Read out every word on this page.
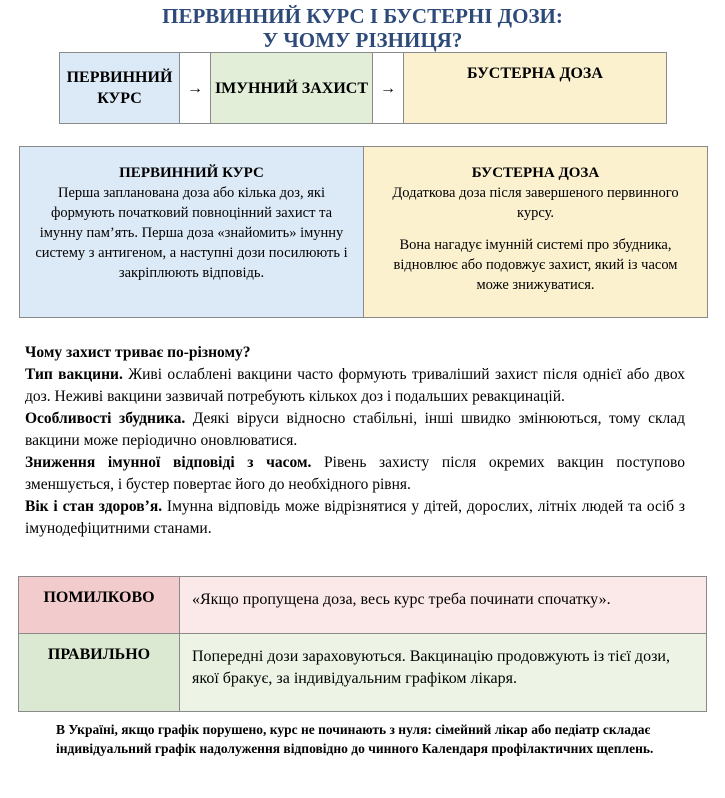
ПЕРВИННИЙ КУРС І БУСТЕРНІ ДОЗИ:
У ЧОМУ РІЗНИЦЯ?
ПЕРВИННИЙ КУРС
→ ІМУННИЙ ЗАХИСТ →
БУСТЕРНА ДОЗА
ПЕРВИННИЙ КУРС

Перша запланована доза або кілька доз, які формують початковий повноцінний захист та імунну пам’ять. Перша доза «знайомить» імунну систему з антигеном, а наступні дози посилюють і закріплюють відповідь.

БУСТЕРНА ДОЗА

Додаткова доза після завершеного первинного курсу.

Вона нагадує імунній системі про збудника, відновлює або подовжує захист, який із часом може знижуватися.

Чому захист триває по-різному?

Тип вакцини. Живі ослаблені вакцини часто формують триваліший захист після однієї або двох доз. Неживі вакцини зазвичай потребують кількох доз і подальших ревакцинацій.

Особливості збудника. Деякі віруси відносно стабільні, інші швидко змінюються, тому склад вакцини може періодично оновлюватися.

Зниження імунної відповіді з часом. Рівень захисту після окремих вакцин поступово зменшується, і бустер повертає його до необхідного рівня.

Вік і стан здоров’я. Імунна відповідь може відрізнятися у дітей, дорослих, літніх людей та осіб з імунодефіцитними станами.

ПОМИЛКОВО	«Якщо пропущена доза, весь курс треба починати спочатку».
ПРАВИЛЬНО	Попередні дози зараховуються. Вакцинацію продовжують із тієї дози, якої бракує, за індивідуальним графіком лікаря.
В Україні, якщо графік порушено, курс не починають з нуля: сімейний лікар або педіатр складає індивідуальний графік надолуження відповідно до чинного Календаря профілактичних щеплень.
